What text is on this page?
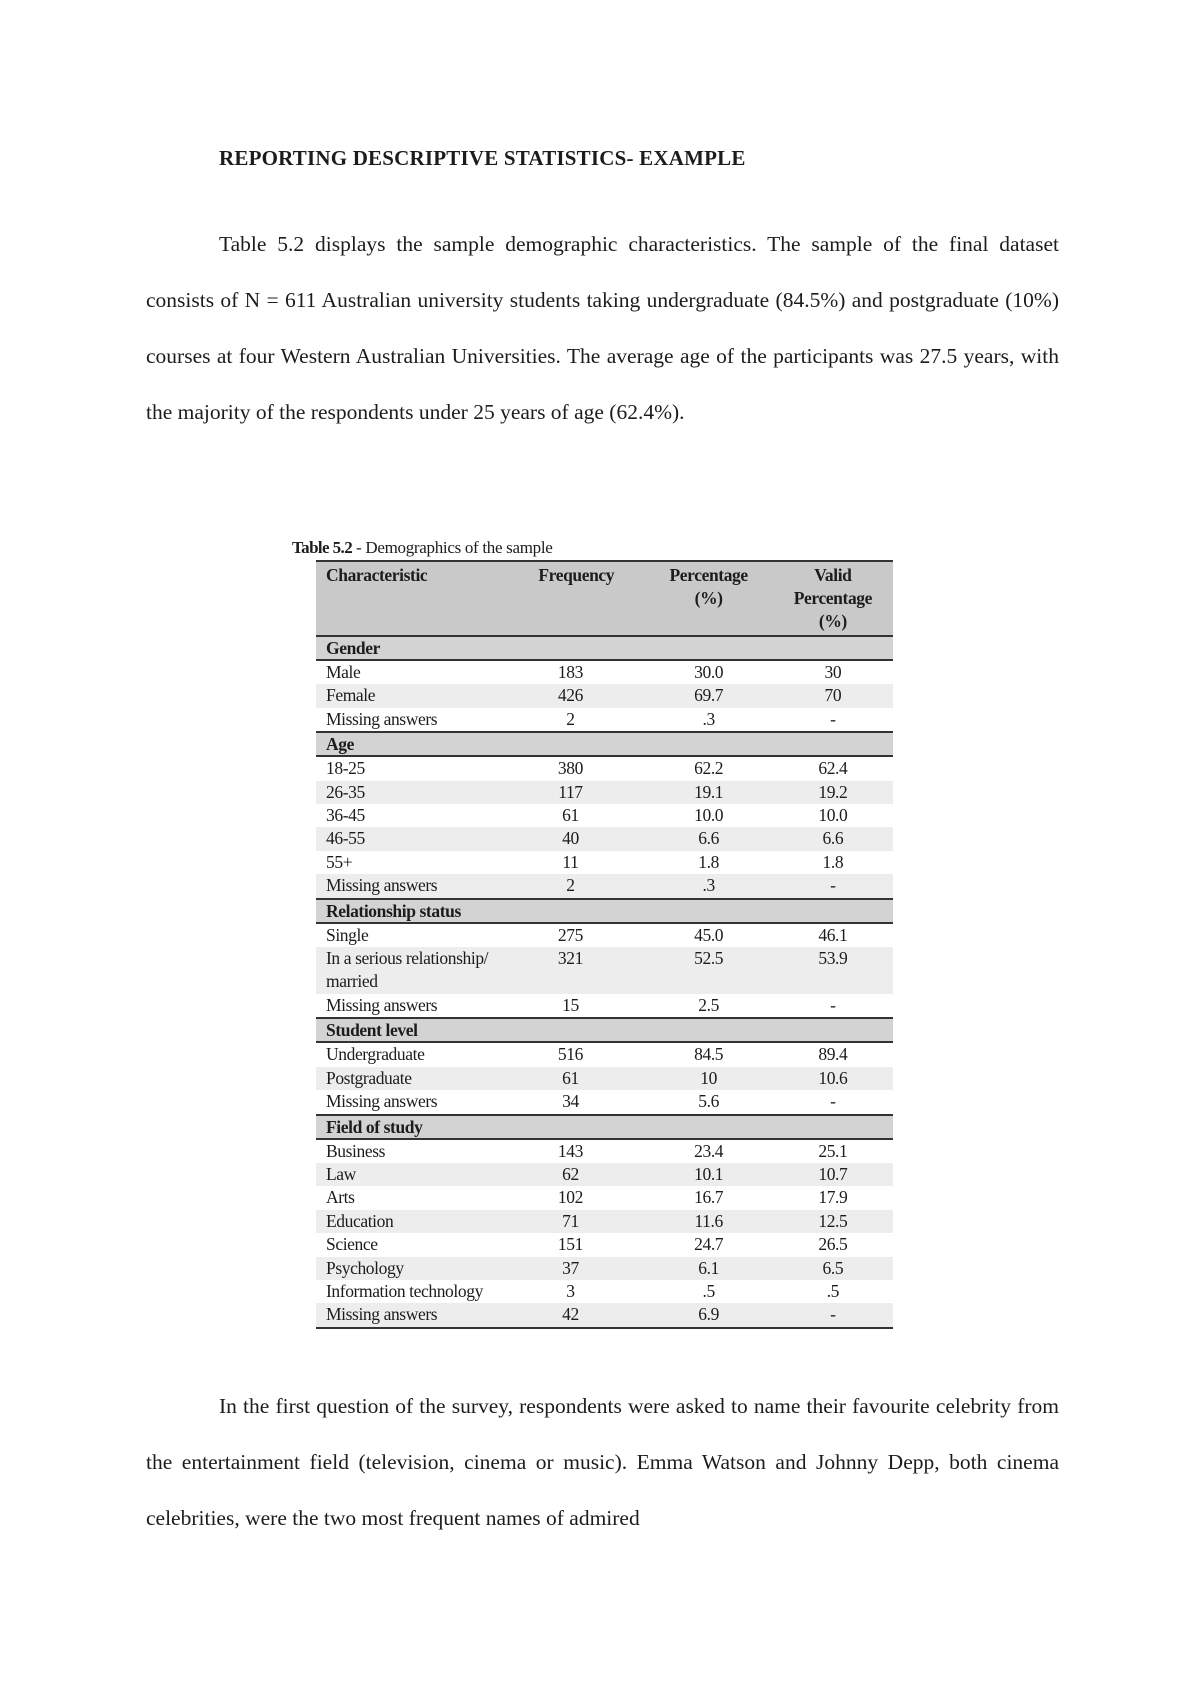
REPORTING DESCRIPTIVE STATISTICS- EXAMPLE

Table 5.2 displays the sample demographic characteristics. The sample of the final dataset consists of N = 611 Australian university students taking undergraduate (84.5%) and postgraduate (10%) courses at four Western Australian Universities. The average age of the participants was 27.5 years, with the majority of the respondents under 25 years of age (62.4%).

Table 5.2 - Demographics of the sample
Characteristic	Frequency	Percentage (%)	Valid Percentage (%)
Gender			
Male	183	30.0	30
Female	426	69.7	70
Missing answers	2	.3	-
Age			
18-25	380	62.2	62.4
26-35	117	19.1	19.2
36-45	61	10.0	10.0
46-55	40	6.6	6.6
55+	11	1.8	1.8
Missing answers	2	.3	-
Relationship status			
Single	275	45.0	46.1
In a serious relationship/ married	321	52.5	53.9
Missing answers	15	2.5	-
Student level			
Undergraduate	516	84.5	89.4
Postgraduate	61	10	10.6
Missing answers	34	5.6	-
Field of study			
Business	143	23.4	25.1
Law	62	10.1	10.7
Arts	102	16.7	17.9
Education	71	11.6	12.5
Science	151	24.7	26.5
Psychology	37	6.1	6.5
Information technology	3	.5	.5
Missing answers	42	6.9	-

In the first question of the survey, respondents were asked to name their favourite celebrity from the entertainment field (television, cinema or music). Emma Watson and Johnny Depp, both cinema celebrities, were the two most frequent names of admired
